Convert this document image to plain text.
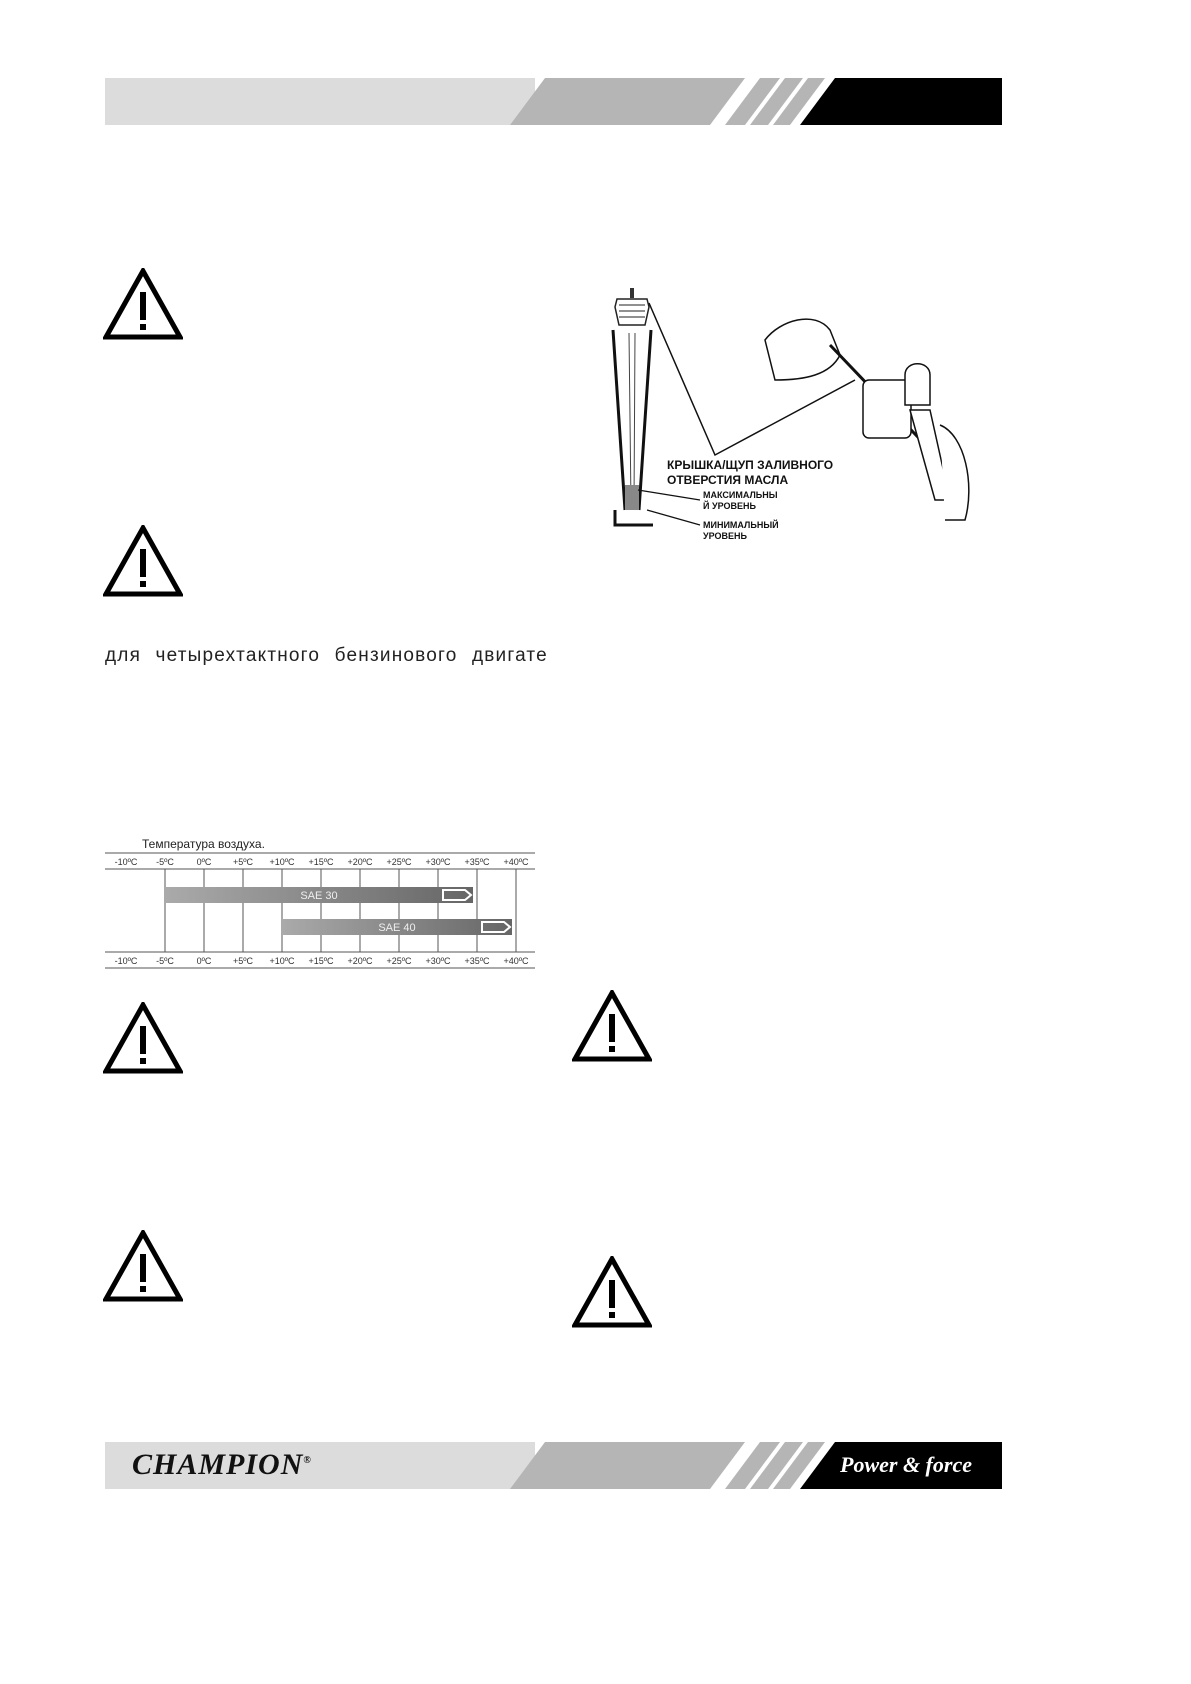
для четырехтактного бензинового двигате
КРЫШКА/ЩУП ЗАЛИВНОГО
ОТВЕРСТИЯ МАСЛА
МАКСИМАЛЬНЫ
Й УРОВЕНЬ
МИНИМАЛЬНЫЙ
УРОВЕНЬ
Температура воздуха.
-10ºC
-10ºC
-5ºC
-5ºC
0ºC
0ºC
+5ºC
+5ºC
+10ºC
+10ºC
+15ºC
+15ºC
+20ºC
+20ºC
+25ºC
+25ºC
+30ºC
+30ºC
+35ºC
+35ºC
+40ºC
+40ºC
SAE 30
SAE 40
CHAMPION®	Power & force
